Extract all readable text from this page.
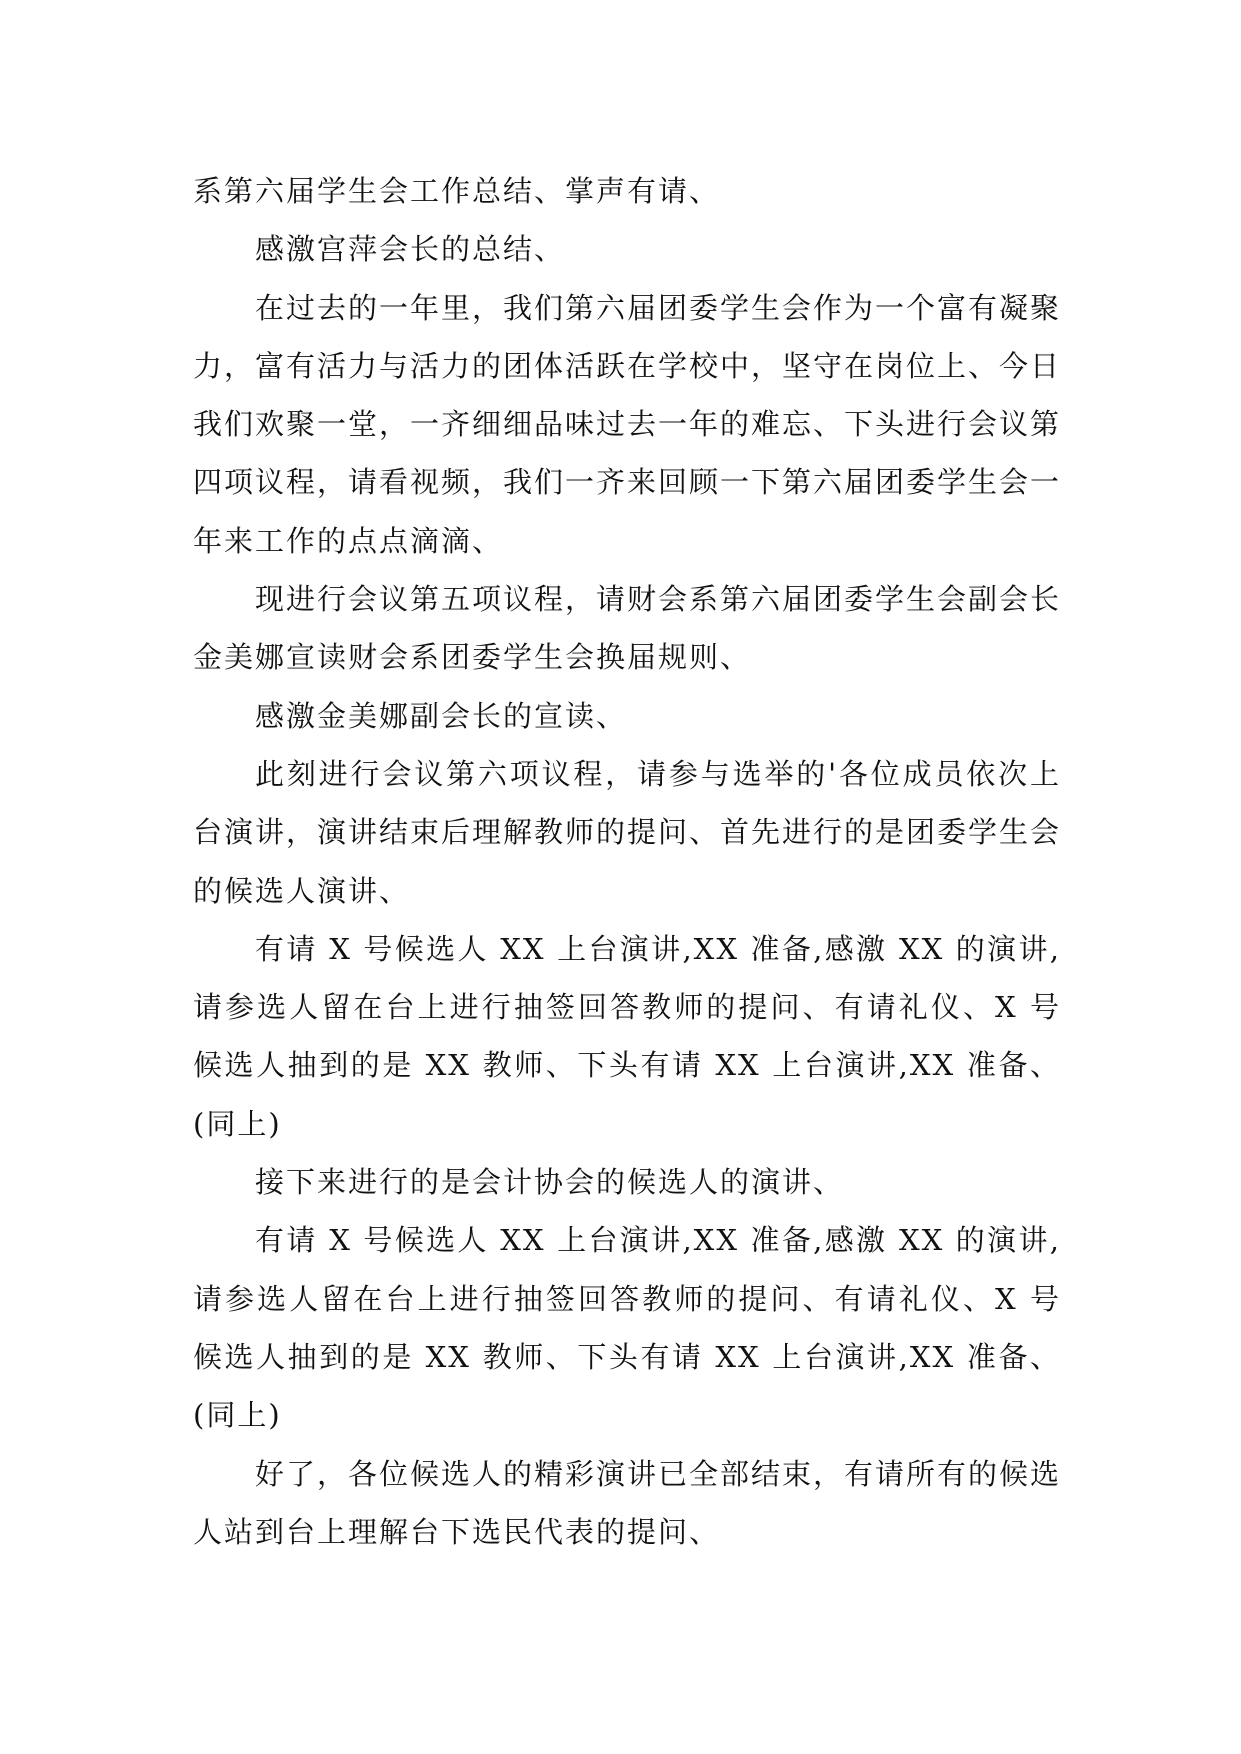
系第六届学生会工作总结、掌声有请、

感激宫萍会长的总结、

在过去的一年里，我们第六届团委学生会作为一个富有凝聚力，富有活力与活力的团体活跃在学校中，坚守在岗位上、今日我们欢聚一堂，一齐细细品味过去一年的难忘、下头进行会议第四项议程，请看视频，我们一齐来回顾一下第六届团委学生会一年来工作的点点滴滴、

现进行会议第五项议程，请财会系第六届团委学生会副会长金美娜宣读财会系团委学生会换届规则、

感激金美娜副会长的宣读、

此刻进行会议第六项议程，请参与选举的'各位成员依次上台演讲，演讲结束后理解教师的提问、首先进行的是团委学生会的候选人演讲、

有请 X 号候选人 XX 上台演讲,XX 准备,感激 XX 的演讲,请参选人留在台上进行抽签回答教师的提问、有请礼仪、X 号候选人抽到的是 XX 教师、下头有请 XX 上台演讲,XX 准备、(同上)

接下来进行的是会计协会的候选人的演讲、

有请 X 号候选人 XX 上台演讲,XX 准备,感激 XX 的演讲,请参选人留在台上进行抽签回答教师的提问、有请礼仪、X 号候选人抽到的是 XX 教师、下头有请 XX 上台演讲,XX 准备、(同上)

好了，各位候选人的精彩演讲已全部结束，有请所有的候选人站到台上理解台下选民代表的提问、
